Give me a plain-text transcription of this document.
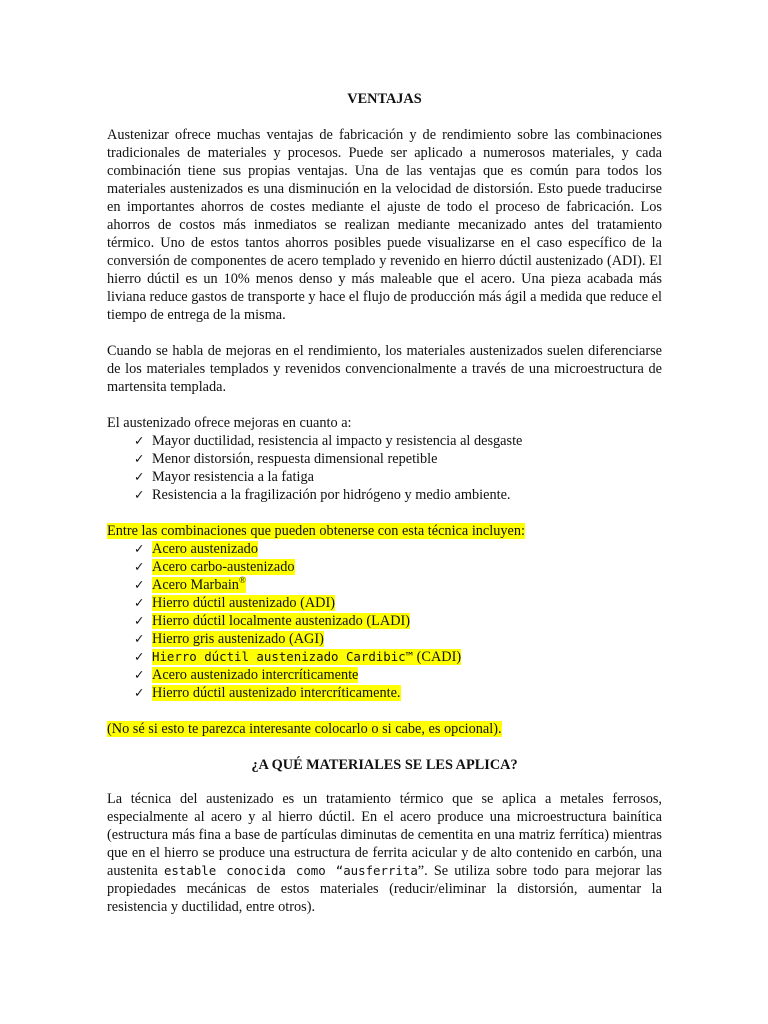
VENTAJAS

Austenizar ofrece muchas ventajas de fabricación y de rendimiento sobre las combinaciones tradicionales de materiales y procesos. Puede ser aplicado a numerosos materiales, y cada combinación tiene sus propias ventajas. Una de las ventajas que es común para todos los materiales austenizados es una disminución en la velocidad de distorsión. Esto puede traducirse en importantes ahorros de costes mediante el ajuste de todo el proceso de fabricación. Los ahorros de costos más inmediatos se realizan mediante mecanizado antes del tratamiento térmico. Uno de estos tantos ahorros posibles puede visualizarse en el caso específico de la conversión de componentes de acero templado y revenido en hierro dúctil austenizado (ADI). El hierro dúctil es un 10% menos denso y más maleable que el acero. Una pieza acabada más liviana reduce gastos de transporte y hace el flujo de producción más ágil a medida que reduce el tiempo de entrega de la misma.

Cuando se habla de mejoras en el rendimiento, los materiales austenizados suelen diferenciarse de los materiales templados y revenidos convencionalmente a través de una microestructura de martensita templada.

El austenizado ofrece mejoras en cuanto a:

✓ Mayor ductilidad, resistencia al impacto y resistencia al desgaste
✓ Menor distorsión, respuesta dimensional repetible
✓ Mayor resistencia a la fatiga
✓ Resistencia a la fragilización por hidrógeno y medio ambiente.

Entre las combinaciones que pueden obtenerse con esta técnica incluyen:

✓ Acero austenizado
✓ Acero carbo-austenizado
✓ Acero Marbain®
✓ Hierro dúctil austenizado (ADI)
✓ Hierro dúctil localmente austenizado (LADI)
✓ Hierro gris austenizado (AGI)
✓ Hierro dúctil austenizado Cardibic™ (CADI)
✓ Acero austenizado intercríticamente
✓ Hierro dúctil austenizado intercríticamente.

(No sé si esto te parezca interesante colocarlo o si cabe, es opcional).

¿A QUÉ MATERIALES SE LES APLICA?

La técnica del austenizado es un tratamiento térmico que se aplica a metales ferrosos, especialmente al acero y al hierro dúctil. En el acero produce una microestructura bainítica (estructura más fina a base de partículas diminutas de cementita en una matriz ferrítica) mientras que en el hierro se produce una estructura de ferrita acicular y de alto contenido en carbón, una austenita estable conocida como “ausferrita”. Se utiliza sobre todo para mejorar las propiedades mecánicas de estos materiales (reducir/eliminar la distorsión, aumentar la resistencia y ductilidad, entre otros).
